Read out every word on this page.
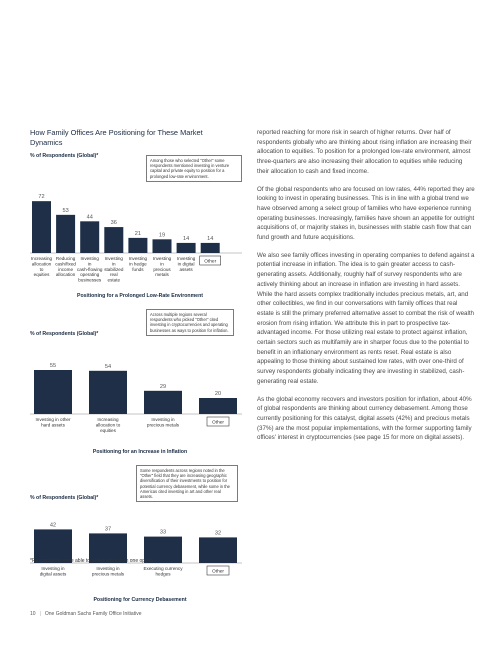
How Family Offices Are Positioning for These Market Dynamics
% of Respondents (Global)*
Among those who selected "Other" some respondents mentioned investing in venture capital and private equity to position for a prolonged low-rate environment.
72
Increasing allocation to equities
53
Reducing cash/fixed income allocation
44
Investing in cash-flowing operating businesses
36
Investing in stabilized real estate
21
Investing in hedge funds
19
Investing in precious metals
14
Investing in digital assets
14
Other
Positioning for a Prolonged Low-Rate Environment
% of Respondents (Global)*
Across multiple regions several respondents who picked "Other" cited investing in cryptocurrencies and operating businesses as ways to position for inflation.
55
Investing in other hard assets
54
Increasing allocation to equities
29
Investing in precious metals
20
Other
Positioning for an Increase in Inflation
% of Respondents (Global)*
Some respondents across regions noted in the "Other" field that they are increasing geographic diversification of their investments to position for potential currency debasement, while some in the Americas cited investing in art and other real assets.
42
Investing in digital assets
37
Investing in precious metals
33
Executing currency hedges
32
Other
Positioning for Currency Debasement
*Respondents were able to select more than one option.

reported reaching for more risk in search of higher returns. Over half of respondents globally who are thinking about rising inflation are increasing their allocation to equities. To position for a prolonged low-rate environment, almost three-quarters are also increasing their allocation to equities while reducing their allocation to cash and fixed income.

Of the global respondents who are focused on low rates, 44% reported they are looking to invest in operating businesses. This is in line with a global trend we have observed among a select group of families who have experience running operating businesses. Increasingly, families have shown an appetite for outright acquisitions of, or majority stakes in, businesses with stable cash flow that can fund growth and future acquisitions.

We also see family offices investing in operating companies to defend against a potential increase in inflation. The idea is to gain greater access to cash-generating assets. Additionally, roughly half of survey respondents who are actively thinking about an increase in inflation are investing in hard assets. While the hard assets complex traditionally includes precious metals, art, and other collectibles, we find in our conversations with family offices that real estate is still the primary preferred alternative asset to combat the risk of wealth erosion from rising inflation. We attribute this in part to prospective tax-advantaged income. For those utilizing real estate to protect against inflation, certain sectors such as multifamily are in sharper focus due to the potential to benefit in an inflationary environment as rents reset. Real estate is also appealing to those thinking about sustained low rates, with over one-third of survey respondents globally indicating they are investing in stabilized, cash-generating real estate.

As the global economy recovers and investors position for inflation, about 40% of global respondents are thinking about currency debasement. Among those currently positioning for this catalyst, digital assets (42%) and precious metals (37%) are the most popular implementations, with the former supporting family offices' interest in cryptocurrencies (see page 15 for more on digital assets).

10 | One Goldman Sachs Family Office Initiative
